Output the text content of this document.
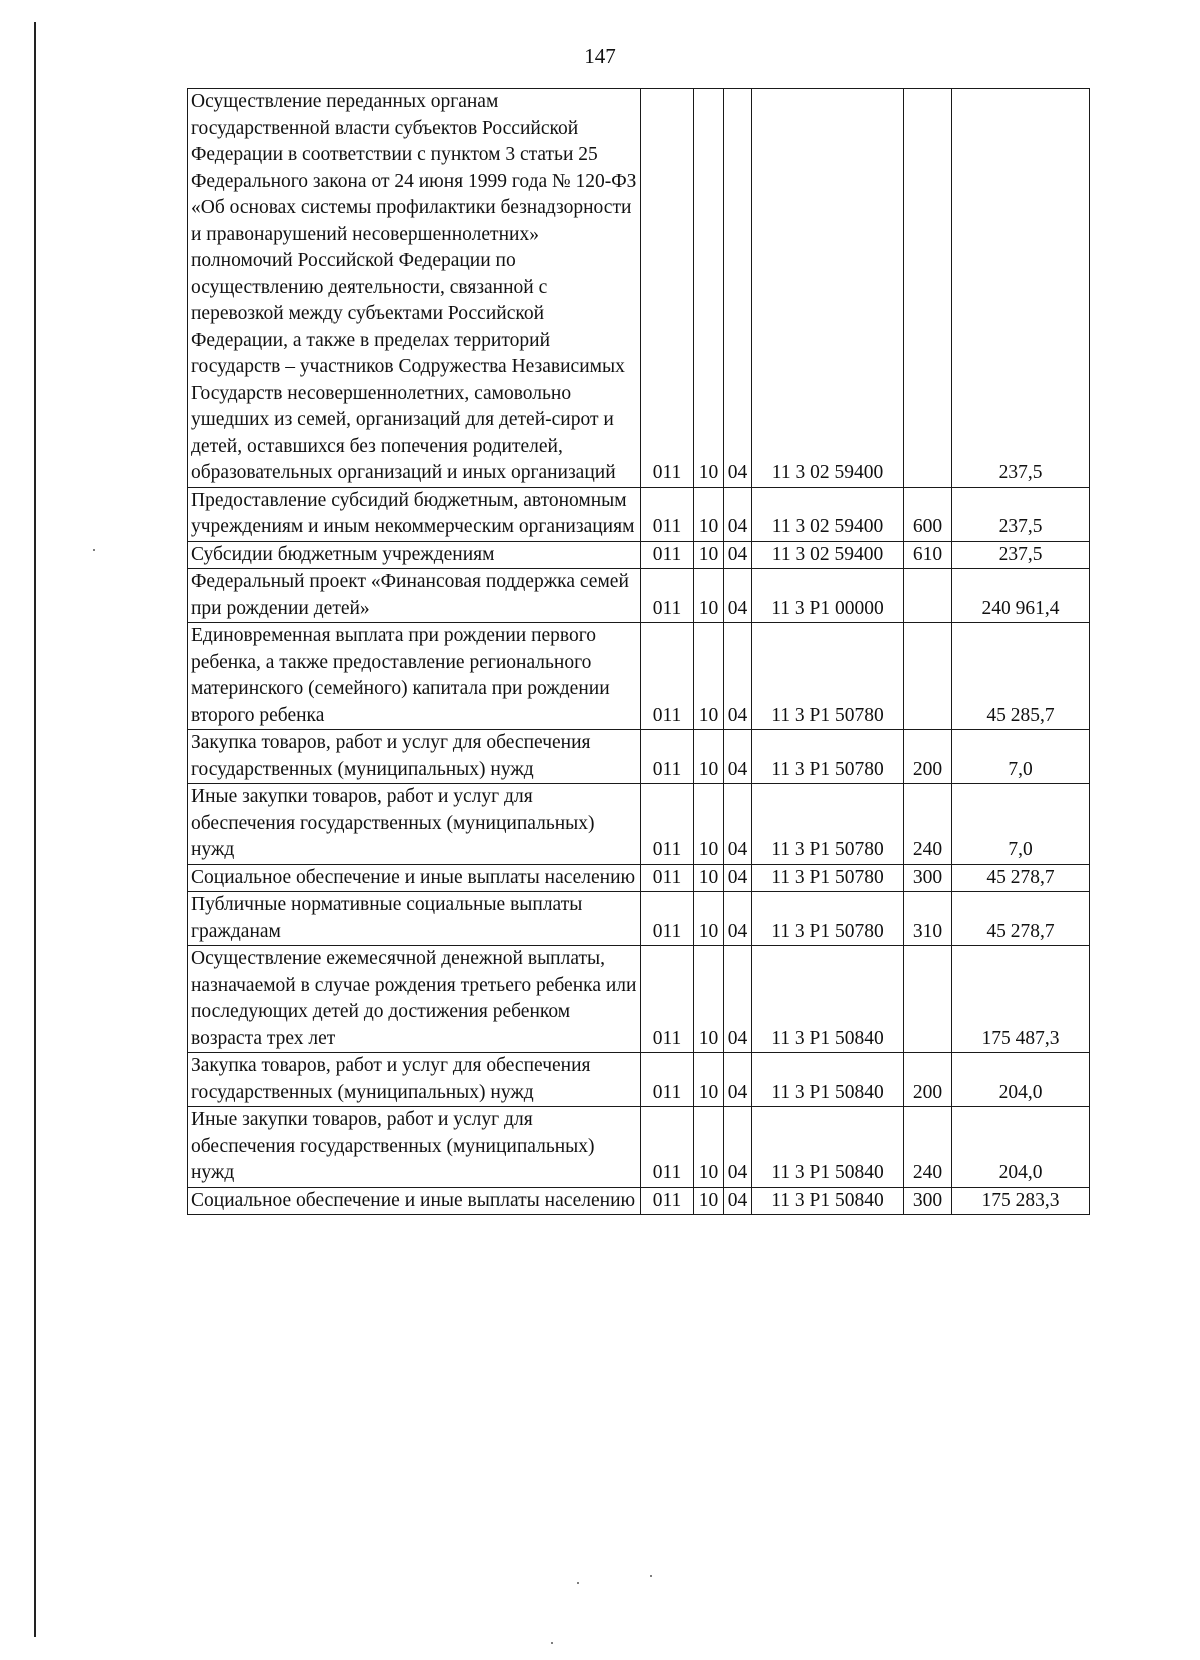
147
Осуществление переданных органам государственной власти субъектов Российской Федерации в соответствии с пунктом 3 статьи 25 Федерального закона от 24 июня 1999 года № 120-ФЗ «Об основах системы профилактики безнадзорности и правонарушений несовершеннолетних» полномочий Российской Федерации по осуществлению деятельности, связанной с перевозкой между субъектами Российской Федерации, а также в пределах территорий государств – участников Содружества Независимых Государств несовершеннолетних, самовольно ушедших из семей, организаций для детей-сирот и детей, оставшихся без попечения родителей, образовательных организаций и иных организаций	011	10	04	11 3 02 59400		237,5
Предоставление субсидий бюджетным, автономным учреждениям и иным некоммерческим организациям	011	10	04	11 3 02 59400	600	237,5
Субсидии бюджетным учреждениям	011	10	04	11 3 02 59400	610	237,5
Федеральный проект «Финансовая поддержка семей при рождении детей»	011	10	04	11 3 Р1 00000		240 961,4
Единовременная выплата при рождении первого ребенка, а также предоставление регионального материнского (семейного) капитала при рождении второго ребенка	011	10	04	11 3 Р1 50780		45 285,7
Закупка товаров, работ и услуг для обеспечения государственных (муниципальных) нужд	011	10	04	11 3 Р1 50780	200	7,0
Иные закупки товаров, работ и услуг для обеспечения государственных (муниципальных) нужд	011	10	04	11 3 Р1 50780	240	7,0
Социальное обеспечение и иные выплаты населению	011	10	04	11 3 Р1 50780	300	45 278,7
Публичные нормативные социальные выплаты гражданам	011	10	04	11 3 Р1 50780	310	45 278,7
Осуществление ежемесячной денежной выплаты, назначаемой в случае рождения третьего ребенка или последующих детей до достижения ребенком возраста трех лет	011	10	04	11 3 Р1 50840		175 487,3
Закупка товаров, работ и услуг для обеспечения государственных (муниципальных) нужд	011	10	04	11 3 Р1 50840	200	204,0
Иные закупки товаров, работ и услуг для обеспечения государственных (муниципальных) нужд	011	10	04	11 3 Р1 50840	240	204,0
Социальное обеспечение и иные выплаты населению	011	10	04	11 3 Р1 50840	300	175 283,3
